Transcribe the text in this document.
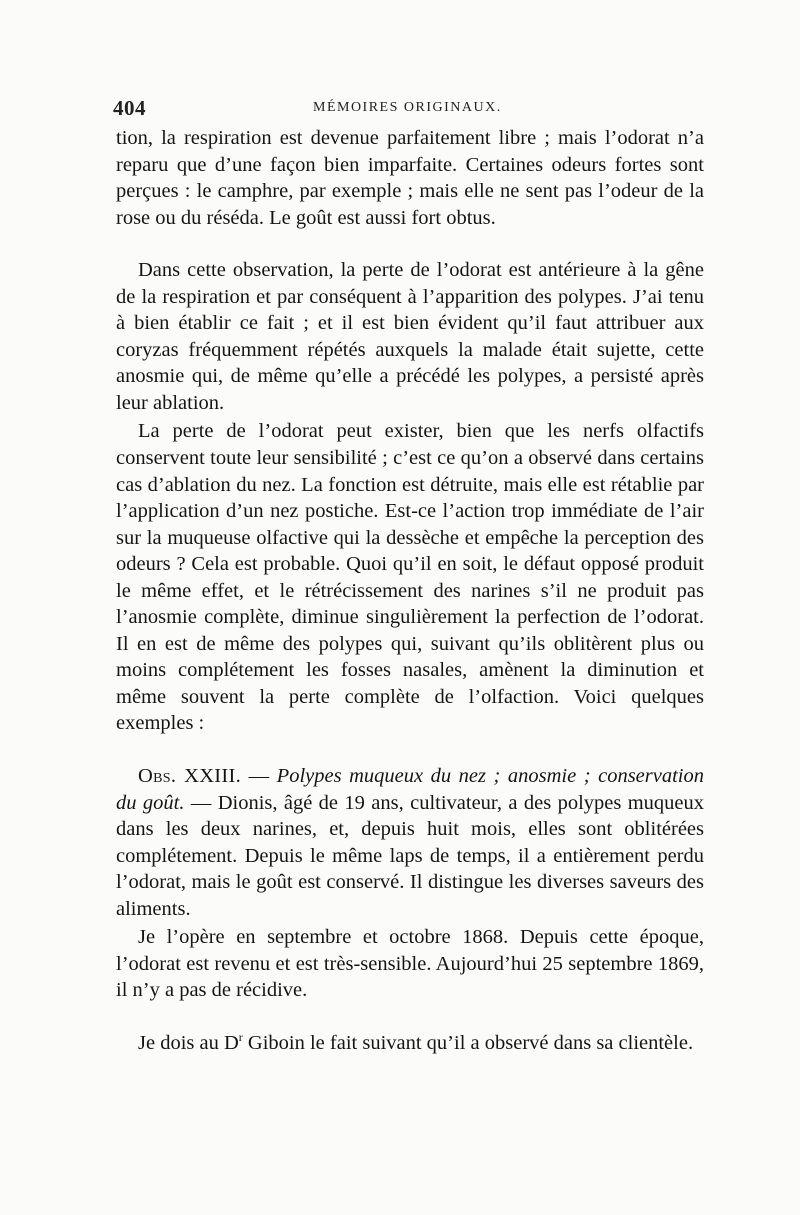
404	MÉMOIRES ORIGINAUX.

tion, la respiration est devenue parfaitement libre ; mais l’odorat n’a reparu que d’une façon bien imparfaite. Certaines odeurs fortes sont perçues : le camphre, par exemple ; mais elle ne sent pas l’odeur de la rose ou du réséda. Le goût est aussi fort obtus.

Dans cette observation, la perte de l’odorat est antérieure à la gêne de la respiration et par conséquent à l’apparition des polypes. J’ai tenu à bien établir ce fait ; et il est bien évident qu’il faut attribuer aux coryzas fréquemment répétés auxquels la malade était sujette, cette anosmie qui, de même qu’elle a précédé les polypes, a persisté après leur ablation.

La perte de l’odorat peut exister, bien que les nerfs olfactifs conservent toute leur sensibilité ; c’est ce qu’on a observé dans certains cas d’ablation du nez. La fonction est détruite, mais elle est rétablie par l’application d’un nez postiche. Est-ce l’action trop immédiate de l’air sur la muqueuse olfactive qui la dessèche et empêche la perception des odeurs ? Cela est probable. Quoi qu’il en soit, le défaut opposé produit le même effet, et le rétrécissement des narines s’il ne produit pas l’anosmie complète, diminue singulièrement la perfection de l’odorat. Il en est de même des polypes qui, suivant qu’ils oblitèrent plus ou moins complétement les fosses nasales, amènent la diminution et même souvent la perte complète de l’olfaction. Voici quelques exemples :

Obs. XXIII. — Polypes muqueux du nez ; anosmie ; conservation du goût. — Dionis, âgé de 19 ans, cultivateur, a des polypes muqueux dans les deux narines, et, depuis huit mois, elles sont oblitérées complétement. Depuis le même laps de temps, il a entièrement perdu l’odorat, mais le goût est conservé. Il distingue les diverses saveurs des aliments.

Je l’opère en septembre et octobre 1868. Depuis cette époque, l’odorat est revenu et est très-sensible. Aujourd’hui 25 septembre 1869, il n’y a pas de récidive.

Je dois au $D^r$ Giboin le fait suivant qu’il a observé dans sa clientèle.
